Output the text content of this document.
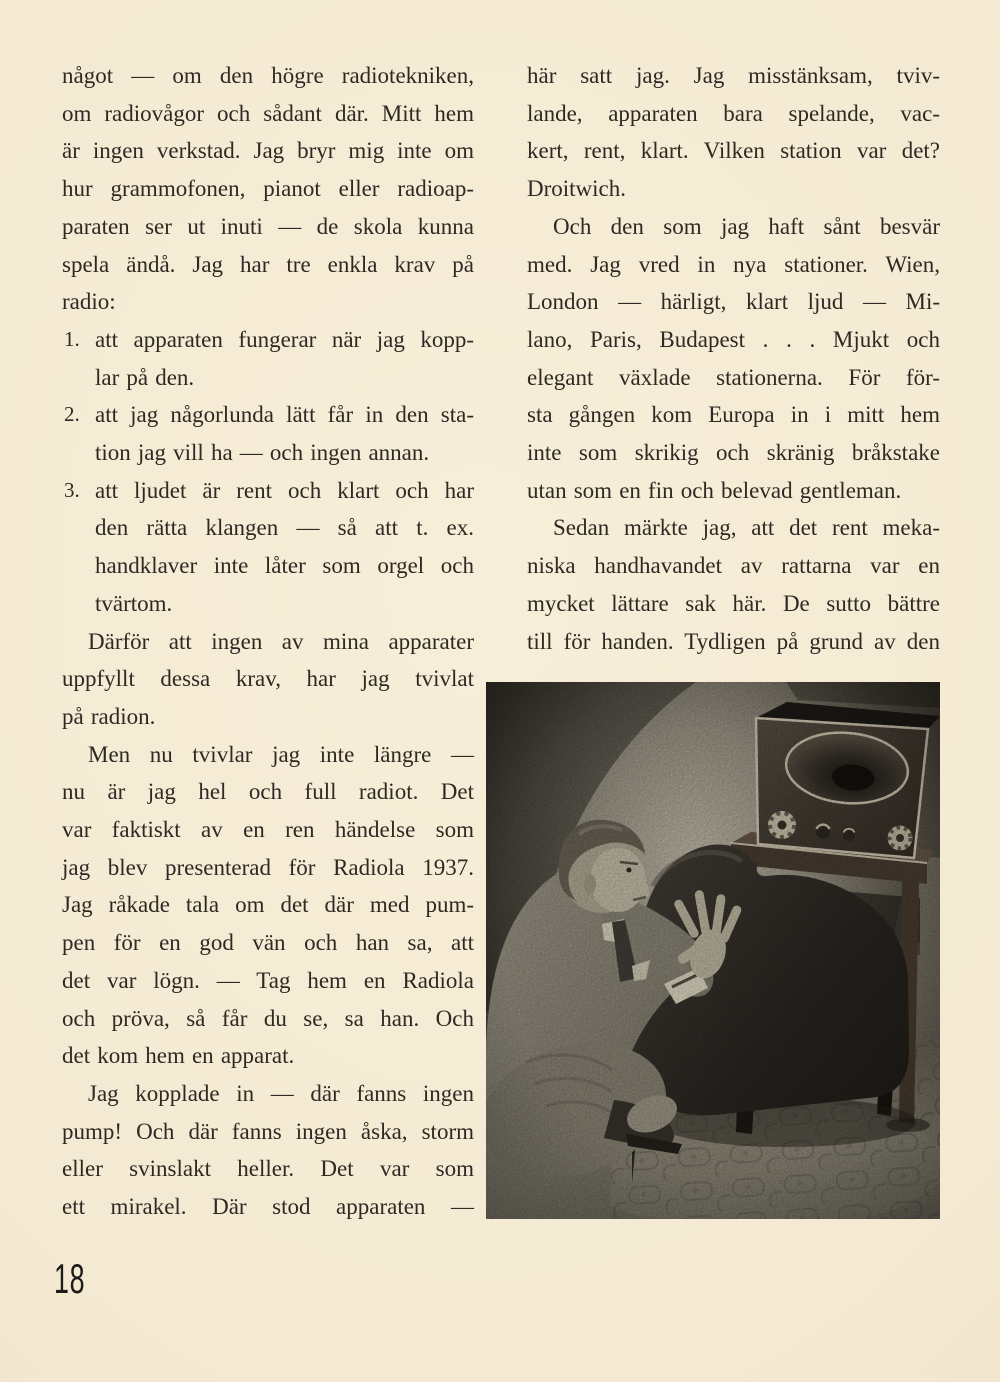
något — om den högre radiotekniken,
om radiovågor och sådant där. Mitt hem
är ingen verkstad. Jag bryr mig inte om
hur grammofonen, pianot eller radioap-
paraten ser ut inuti — de skola kunna
spela ändå. Jag har tre enkla krav på
radio:
1. att apparaten fungerar när jag kopp-
lar på den.
2. att jag någorlunda lätt får in den sta-
tion jag vill ha — och ingen annan.
3. att ljudet är rent och klart och har
den rätta klangen — så att t. ex.
handklaver inte låter som orgel och
tvärtom.
Därför att ingen av mina apparater
uppfyllt dessa krav, har jag tvivlat
på radion.
Men nu tvivlar jag inte längre —
nu är jag hel och full radiot. Det
var faktiskt av en ren händelse som
jag blev presenterad för Radiola 1937.
Jag råkade tala om det där med pum-
pen för en god vän och han sa, att
det var lögn. — Tag hem en Radiola
och pröva, så får du se, sa han. Och
det kom hem en apparat.
Jag kopplade in — där fanns ingen
pump! Och där fanns ingen åska, storm
eller svinslakt heller. Det var som
ett mirakel. Där stod apparaten —
här satt jag. Jag misstänksam, tviv-
lande, apparaten bara spelande, vac-
kert, rent, klart. Vilken station var det?
Droitwich.
Och den som jag haft sånt besvär
med. Jag vred in nya stationer. Wien,
London — härligt, klart ljud — Mi-
lano, Paris, Budapest . . . Mjukt och
elegant växlade stationerna. För för-
sta gången kom Europa in i mitt hem
inte som skrikig och skränig bråkstake
utan som en fin och belevad gentleman.
Sedan märkte jag, att det rent meka-
niska handhavandet av rattarna var en
mycket lättare sak här. De sutto bättre
till för handen. Tydligen på grund av den
18
